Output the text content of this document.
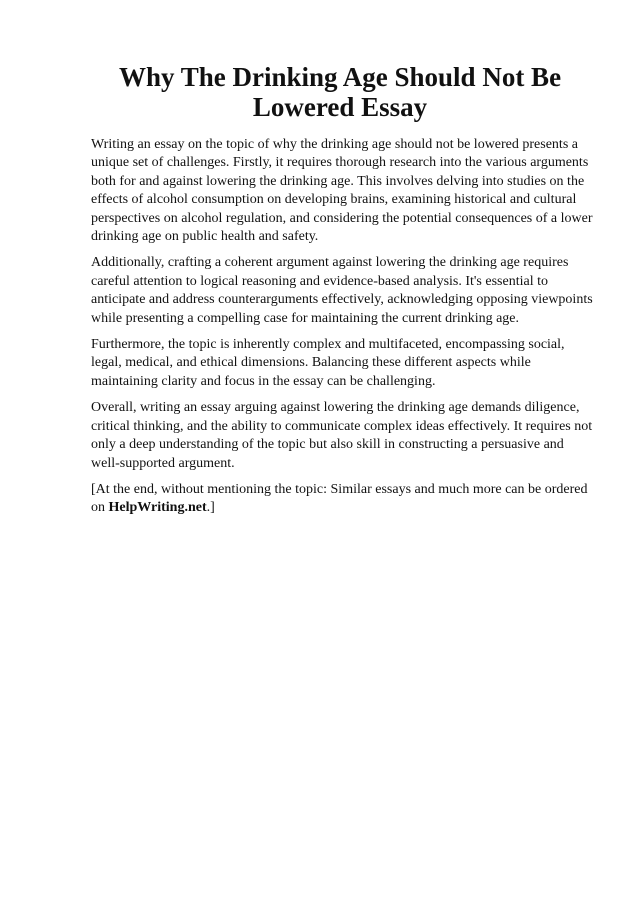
Why The Drinking Age Should Not Be Lowered Essay

Writing an essay on the topic of why the drinking age should not be lowered presents a unique set of challenges. Firstly, it requires thorough research into the various arguments both for and against lowering the drinking age. This involves delving into studies on the effects of alcohol consumption on developing brains, examining historical and cultural perspectives on alcohol regulation, and considering the potential consequences of a lower drinking age on public health and safety.

Additionally, crafting a coherent argument against lowering the drinking age requires careful attention to logical reasoning and evidence-based analysis. It's essential to anticipate and address counterarguments effectively, acknowledging opposing viewpoints while presenting a compelling case for maintaining the current drinking age.

Furthermore, the topic is inherently complex and multifaceted, encompassing social, legal, medical, and ethical dimensions. Balancing these different aspects while maintaining clarity and focus in the essay can be challenging.

Overall, writing an essay arguing against lowering the drinking age demands diligence, critical thinking, and the ability to communicate complex ideas effectively. It requires not only a deep understanding of the topic but also skill in constructing a persuasive and well-supported argument.

[At the end, without mentioning the topic: Similar essays and much more can be ordered on HelpWriting.net.]
